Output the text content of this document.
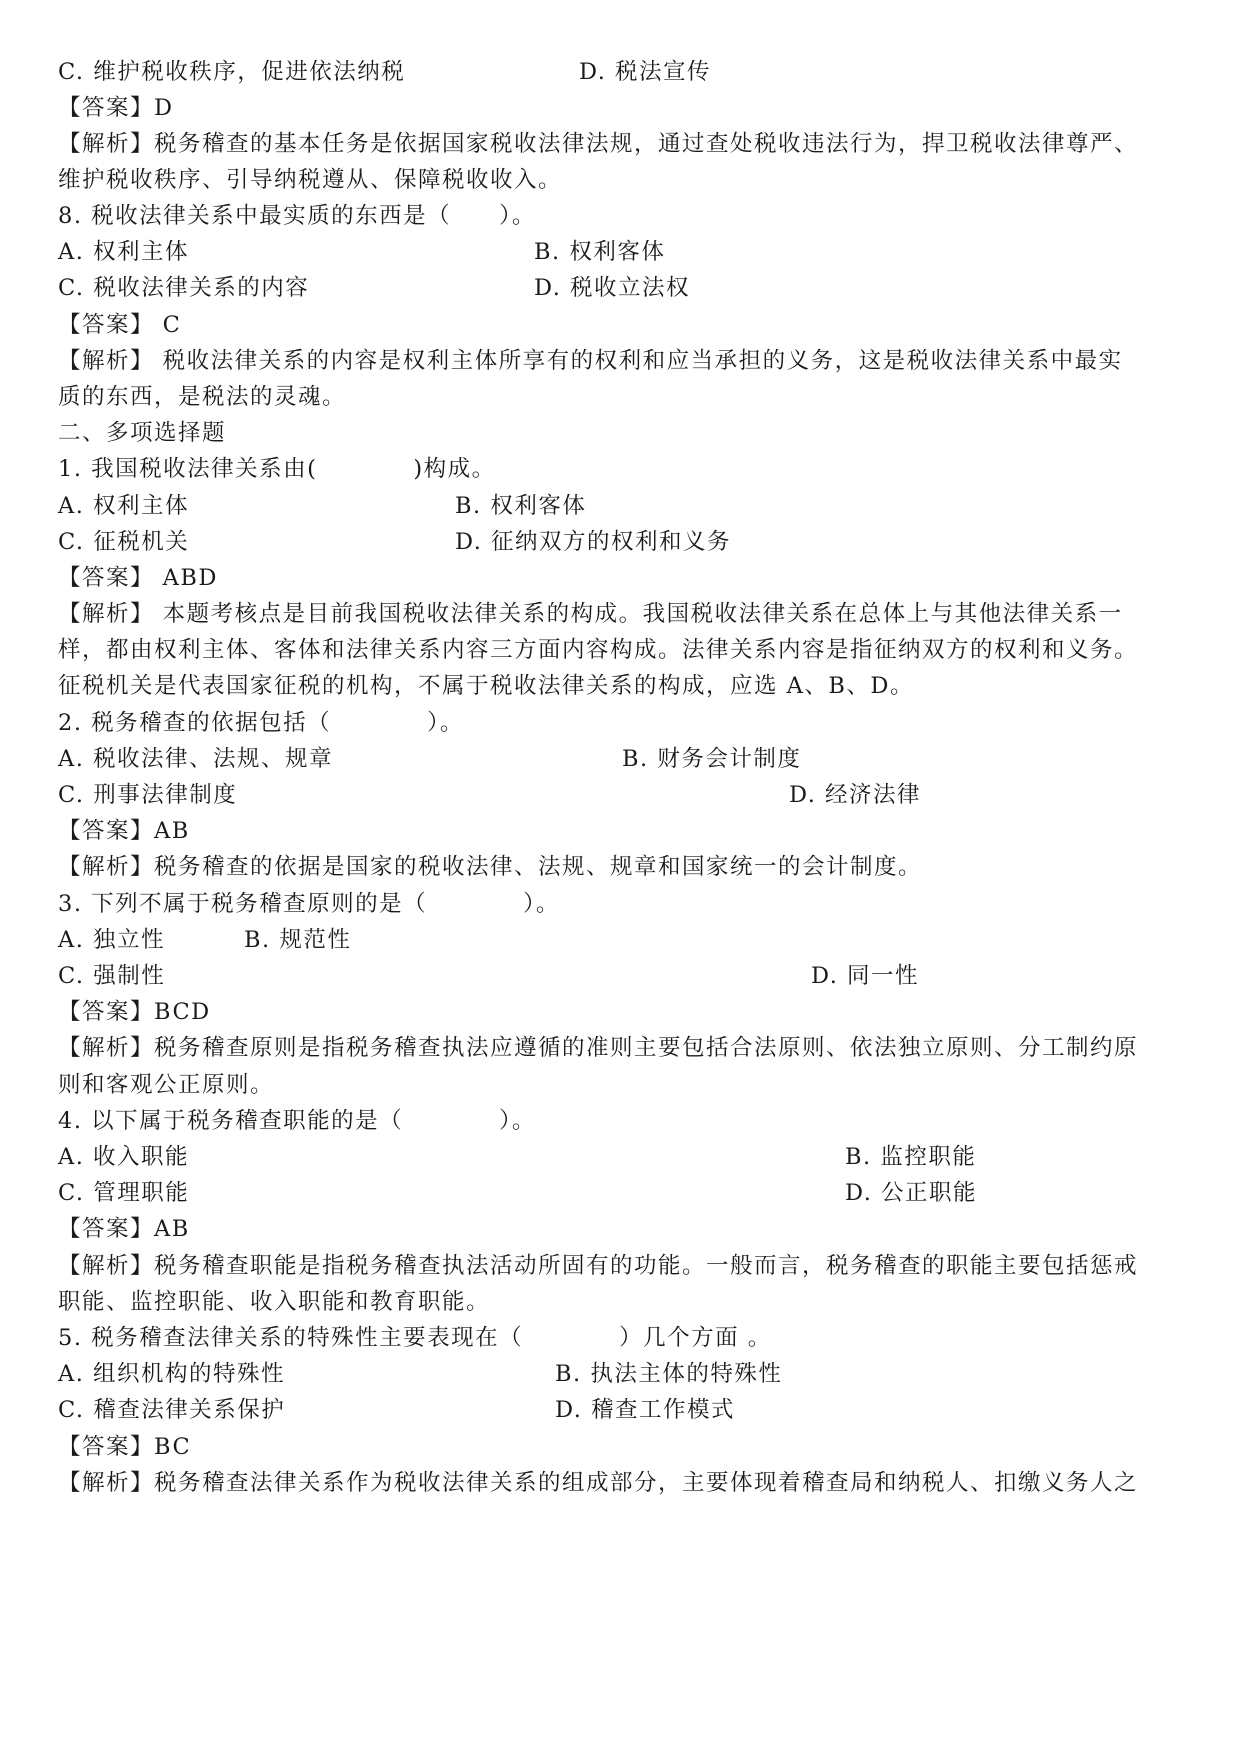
C. 维护税收秩序，促进依法纳税	D. 税法宣传
【答案】D
【解析】税务稽查的基本任务是依据国家税收法律法规，通过查处税收违法行为，捍卫税收法律尊严、
维护税收秩序、引导纳税遵从、保障税收收入。
8. 税收法律关系中最实质的东西是（　　）。
A. 权利主体	B. 权利客体
C. 税收法律关系的内容	D. 税收立法权
【答案】 C
【解析】 税收法律关系的内容是权利主体所享有的权利和应当承担的义务，这是税收法律关系中最实
质的东西，是税法的灵魂。
二、多项选择题
1. 我国税收法律关系由(　　　　)构成。
A. 权利主体	B. 权利客体
C. 征税机关	D. 征纳双方的权利和义务
【答案】 ABD
【解析】 本题考核点是目前我国税收法律关系的构成。我国税收法律关系在总体上与其他法律关系一
样，都由权利主体、客体和法律关系内容三方面内容构成。法律关系内容是指征纳双方的权利和义务。
征税机关是代表国家征税的机构，不属于税收法律关系的构成，应选 A、B、D。
2. 税务稽查的依据包括（　　　　）。
A. 税收法律、法规、规章	B. 财务会计制度
C. 刑事法律制度	D. 经济法律
【答案】AB
【解析】税务稽查的依据是国家的税收法律、法规、规章和国家统一的会计制度。
3. 下列不属于税务稽查原则的是（　　　　）。
A. 独立性	B. 规范性
C. 强制性	D. 同一性
【答案】BCD
【解析】税务稽查原则是指税务稽查执法应遵循的准则主要包括合法原则、依法独立原则、分工制约原
则和客观公正原则。
4. 以下属于税务稽查职能的是（　　　　）。
A. 收入职能	B. 监控职能
C. 管理职能	D. 公正职能
【答案】AB
【解析】税务稽查职能是指税务稽查执法活动所固有的功能。一般而言，税务稽查的职能主要包括惩戒
职能、监控职能、收入职能和教育职能。
5. 税务稽查法律关系的特殊性主要表现在（　　　　）几个方面 。
A. 组织机构的特殊性	B. 执法主体的特殊性
C. 稽查法律关系保护	D. 稽查工作模式
【答案】BC
【解析】税务稽查法律关系作为税收法律关系的组成部分，主要体现着稽查局和纳税人、扣缴义务人之
